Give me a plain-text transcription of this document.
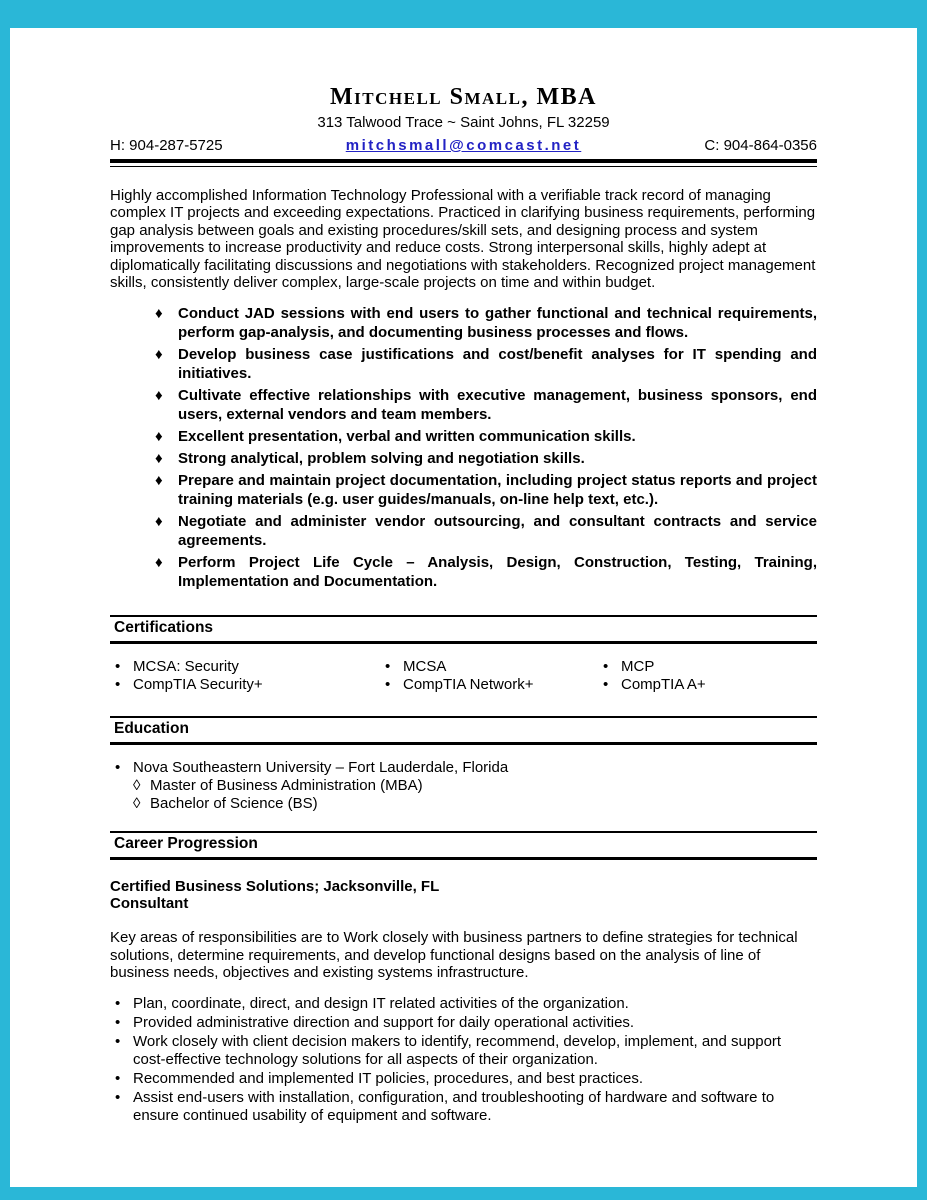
Mitchell Small, MBA
313 Talwood Trace ~ Saint Johns, FL 32259
H: 904-287-5725	mitchsmall@comcast.net	C: 904-864-0356

Highly accomplished Information Technology Professional with a verifiable track record of managing complex IT projects and exceeding expectations. Practiced in clarifying business requirements, performing gap analysis between goals and existing procedures/skill sets, and designing process and system improvements to increase productivity and reduce costs. Strong interpersonal skills, highly adept at diplomatically facilitating discussions and negotiations with stakeholders. Recognized project management skills, consistently deliver complex, large-scale projects on time and within budget.

♦	Conduct JAD sessions with end users to gather functional and technical requirements, perform gap-analysis, and documenting business processes and flows.
♦	Develop business case justifications and cost/benefit analyses for IT spending and initiatives.
♦	Cultivate effective relationships with executive management, business sponsors, end users, external vendors and team members.
♦	Excellent presentation, verbal and written communication skills.
♦	Strong analytical, problem solving and negotiation skills.
♦	Prepare and maintain project documentation, including project status reports and project training materials (e.g. user guides/manuals, on-line help text, etc.).
♦	Negotiate and administer vendor outsourcing, and consultant contracts and service agreements.
♦	Perform Project Life Cycle – Analysis, Design, Construction, Testing, Training, Implementation and Documentation.
Certifications
• MCSA: Security
• CompTIA Security+
• MCSA
• CompTIA Network+
• MCP
• CompTIA A+
Education
• Nova Southeastern University – Fort Lauderdale, Florida
◊ Master of Business Administration (MBA)
◊ Bachelor of Science (BS)
Career Progression

Certified Business Solutions; Jacksonville, FL

Consultant

Key areas of responsibilities are to Work closely with business partners to define strategies for technical solutions, determine requirements, and develop functional designs based on the analysis of line of business needs, objectives and existing systems infrastructure.

• Plan, coordinate, direct, and design IT related activities of the organization.
• Provided administrative direction and support for daily operational activities.
• Work closely with client decision makers to identify, recommend, develop, implement, and support cost-effective technology solutions for all aspects of their organization.
• Recommended and implemented IT policies, procedures, and best practices.
• Assist end-users with installation, configuration, and troubleshooting of hardware and software to ensure continued usability of equipment and software.
